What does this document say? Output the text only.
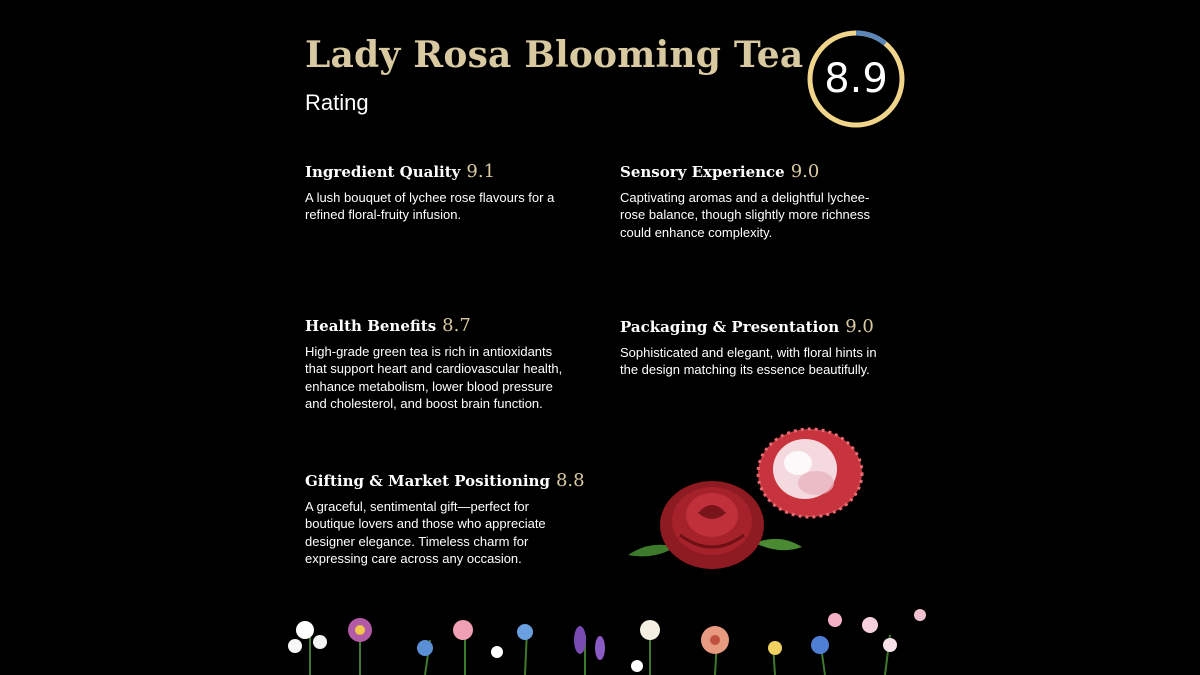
Lady Rosa Blooming Tea
Rating
8.9
Ingredient Quality 9.1
A lush bouquet of lychee rose flavours for a refined floral-fruity infusion.
Sensory Experience 9.0
Captivating aromas and a delightful lychee-rose balance, though slightly more richness could enhance complexity.
Health Benefits 8.7
High-grade green tea is rich in antioxidants that support heart and cardiovascular health, enhance metabolism, lower blood pressure and cholesterol, and boost brain function.
Packaging & Presentation 9.0
Sophisticated and elegant, with floral hints in the design matching its essence beautifully.
Gifting & Market Positioning 8.8
A graceful, sentimental gift—perfect for boutique lovers and those who appreciate designer elegance. Timeless charm for expressing care across any occasion.
